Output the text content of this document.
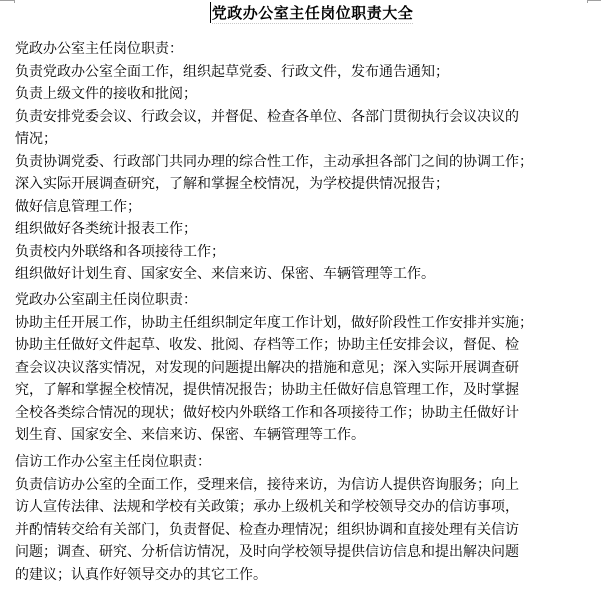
党政办公室主任岗位职责大全

党政办公室主任岗位职责：
负责党政办公室全面工作，组织起草党委、行政文件，发布通告通知；
负责上级文件的接收和批阅；
负责安排党委会议、行政会议，并督促、检查各单位、各部门贯彻执行会议决议的
情况；
负责协调党委、行政部门共同办理的综合性工作，主动承担各部门之间的协调工作；
深入实际开展调查研究，了解和掌握全校情况，为学校提供情况报告；
做好信息管理工作；
组织做好各类统计报表工作；
负责校内外联络和各项接待工作；
组织做好计划生育、国家安全、来信来访、保密、车辆管理等工作。

党政办公室副主任岗位职责：
协助主任开展工作，协助主任组织制定年度工作计划，做好阶段性工作安排并实施；
协助主任做好文件起草、收发、批阅、存档等工作；协助主任安排会议，督促、检
查会议决议落实情况，对发现的问题提出解决的措施和意见；深入实际开展调查研
究，了解和掌握全校情况，提供情况报告；协助主任做好信息管理工作，及时掌握
全校各类综合情况的现状；做好校内外联络工作和各项接待工作；协助主任做好计
划生育、国家安全、来信来访、保密、车辆管理等工作。

信访工作办公室主任岗位职责：
负责信访办公室的全面工作，受理来信，接待来访，为信访人提供咨询服务；向上
访人宣传法律、法规和学校有关政策；承办上级机关和学校领导交办的信访事项，
并酌情转交给有关部门，负责督促、检查办理情况；组织协调和直接处理有关信访
问题；调查、研究、分析信访情况，及时向学校领导提供信访信息和提出解决问题
的建议；认真作好领导交办的其它工作。
